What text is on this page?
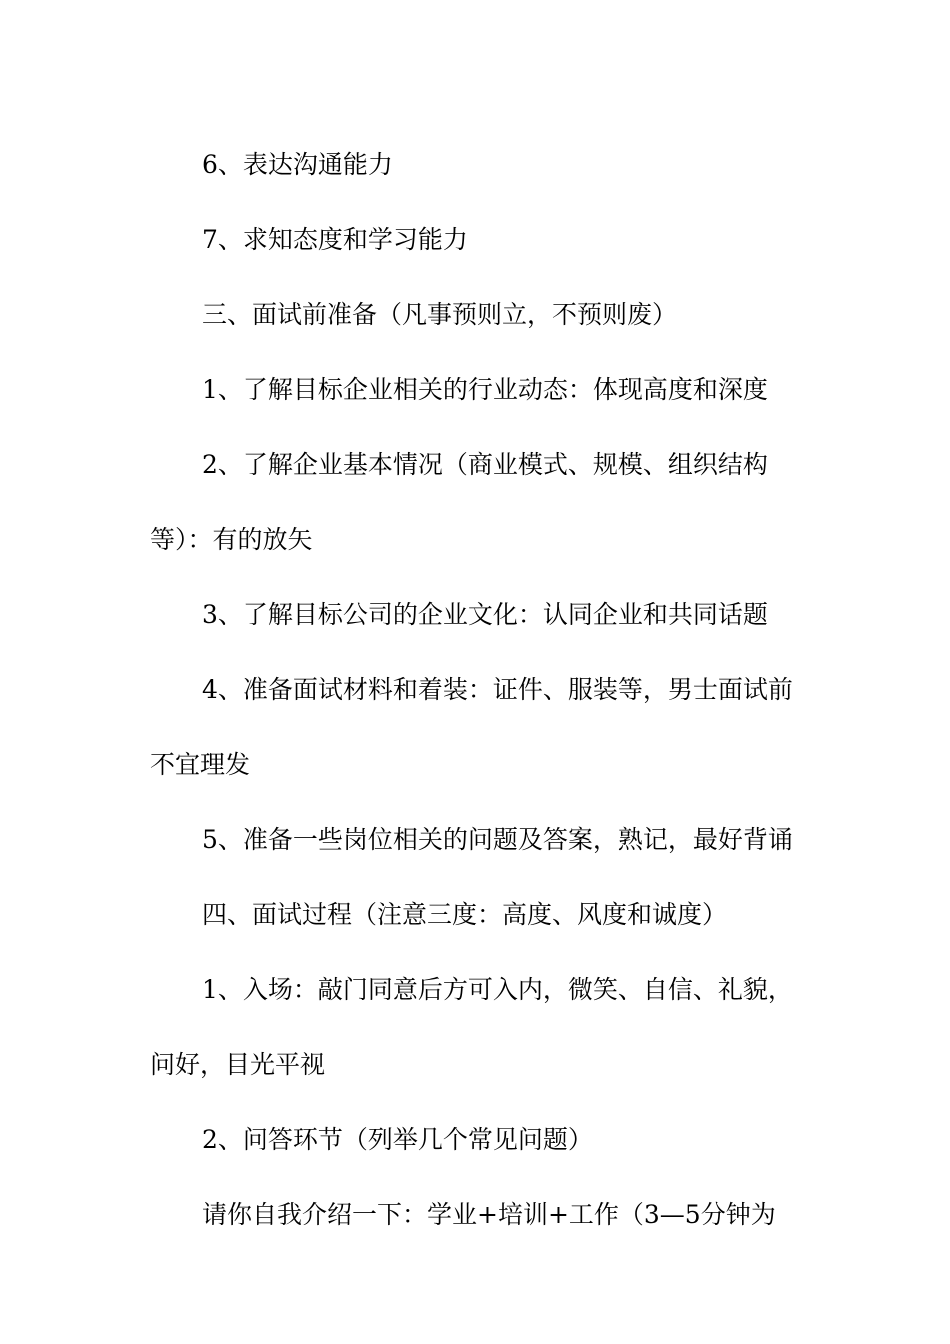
6、表达沟通能力

7、求知态度和学习能力

三、面试前准备（凡事预则立，不预则废）

1、了解目标企业相关的行业动态：体现高度和深度

2、了解企业基本情况（商业模式、规模、组织结构
等）：有的放矢

3、了解目标公司的企业文化：认同企业和共同话题

4、准备面试材料和着装：证件、服装等，男士面试前
不宜理发

5、准备一些岗位相关的问题及答案，熟记，最好背诵

四、面试过程（注意三度：高度、风度和诚度）

1、入场：敲门同意后方可入内，微笑、自信、礼貌，
问好，目光平视

2、问答环节（列举几个常见问题）

请你自我介绍一下：学业+培训+工作（3—5分钟为
